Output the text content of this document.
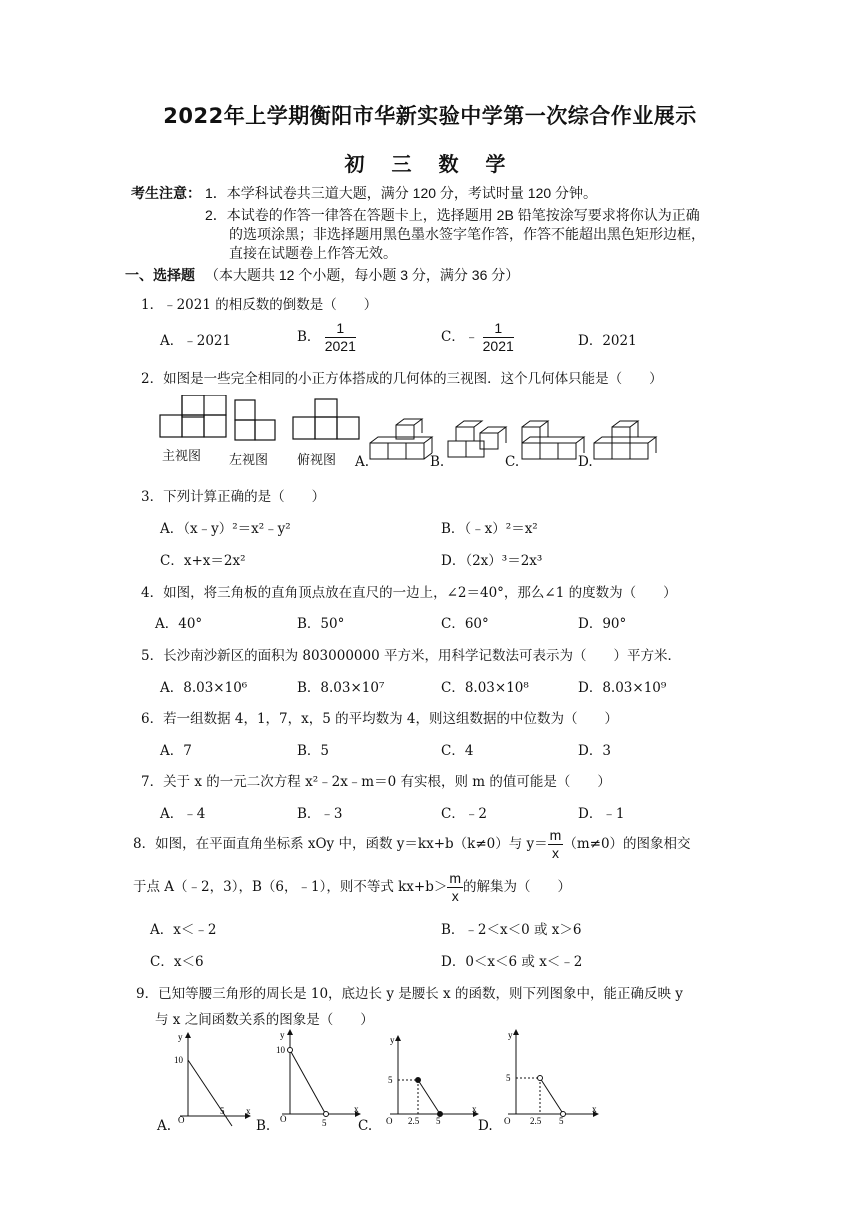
2022年上学期衡阳市华新实验中学第一次综合作业展示
初 三 数 学
考生注意： 1．本学科试卷共三道大题，满分 120 分，考试时量 120 分钟。
2．本试卷的作答一律答在答题卡上，选择题用 2B 铅笔按涂写要求将你认为正确
的选项涂黑；非选择题用黑色墨水签字笔作答，作答不能超出黑色矩形边框，
直接在试题卷上作答无效。
一、选择题 （本大题共 12 个小题，每小题 3 分，满分 36 分）
1．﹣2021 的相反数的倒数是（　　）
A．﹣2021	B． $\frac{1}{2021}$	C．﹣ $\frac{1}{2021}$	D．2021
2．如图是一些完全相同的小正方体搭成的几何体的三视图．这个几何体只能是（　　）
主视图 左视图 俯视图 A.	B.	C.	D.
3．下列计算正确的是（　　）
A．（x﹣y）²＝x²﹣y²	B．（﹣x）²＝x²
C．x+x＝2x²	D．（2x）³＝2x³
4．如图，将三角板的直角顶点放在直尺的一边上，∠2＝40°，那么∠1 的度数为（　　）
A．40°	B．50°	C．60°	D．90°
5．长沙南沙新区的面积为 803000000 平方米，用科学记数法可表示为（　　）平方米．
A．8.03×10⁶	B．8.03×10⁷	C．8.03×10⁸	D．8.03×10⁹
6．若一组数据 4，1，7，x，5 的平均数为 4，则这组数据的中位数为（　　）
A．7	B．5	C．4	D．3
7．关于 x 的一元二次方程 x²﹣2x﹣m＝0 有实根，则 m 的值可能是（　　）
A．﹣4	B．﹣3	C．﹣2	D．﹣1
8．如图，在平面直角坐标系 xOy 中，函数 y＝kx+b（k≠0）与 $y= \frac{m}{x} (m\ne 0)$的图象相交
于点 A（﹣2，3），B（6，﹣1），则不等式 $kx+b> \frac{m}{x}$ 的解集为（　　）
A．x＜﹣2	B．﹣2＜x＜0 或 x＞6
C．x＜6	D．0＜x＜6 或 x＜﹣2
9．已知等腰三角形的周长是 10，底边长 y 是腰长 x 的函数，则下列图象中，能正确反映 y
与 x 之间函数关系的图象是（　　）
y
x
O
10
5
y
x
O
10
5
y
x
O
5
2.5 5
y
x
O
5
2.5 5
A.	B.	C.	D.
